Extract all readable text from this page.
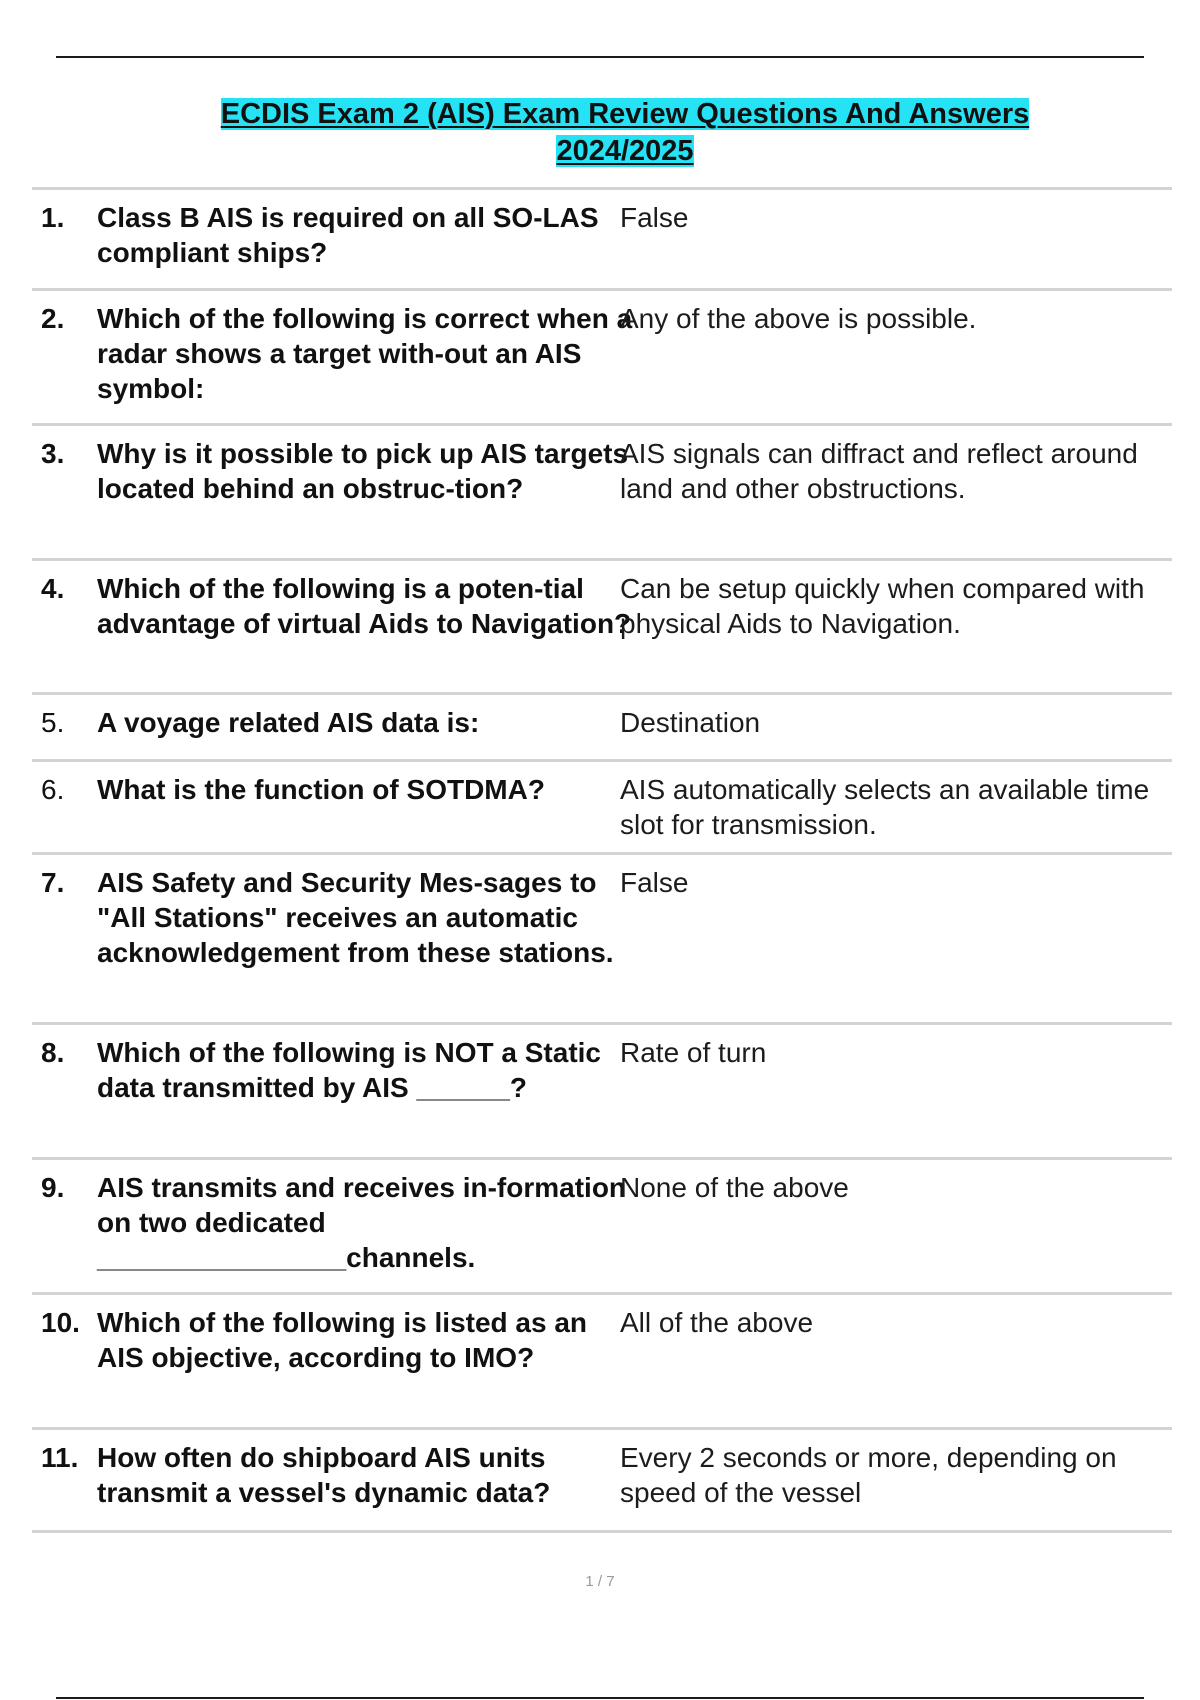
ECDIS Exam 2 (AIS) Exam Review Questions And Answers
2024/2025
1. Class B AIS is required on all SO-LAS compliant ships?
False
2. Which of the following is correct when a radar shows a target with-out an AIS symbol:
Any of the above is possible.
3. Why is it possible to pick up AIS targets located behind an obstruc-tion?
AIS signals can diffract and reflect around land and other obstructions.
4. Which of the following is a poten-tial advantage of virtual Aids to Navigation?
Can be setup quickly when compared with physical Aids to Navigation.
5. A voyage related AIS data is:	Destination
6. What is the function of SOTDMA?	AIS automatically selects an available time slot for transmission.
7. AIS Safety and Security Mes-sages to "All Stations" receives an automatic acknowledgement from these stations.
False
8. Which of the following is NOT a Static data transmitted by AIS ______?
Rate of turn
9. AIS transmits and receives in-formation on two dedicated ________________channels.
None of the above
10. Which of the following is listed as an AIS objective, according to IMO?
All of the above
11. How often do shipboard AIS units transmit a vessel's dynamic data?
Every 2 seconds or more, depending on speed of the vessel
1 / 7
